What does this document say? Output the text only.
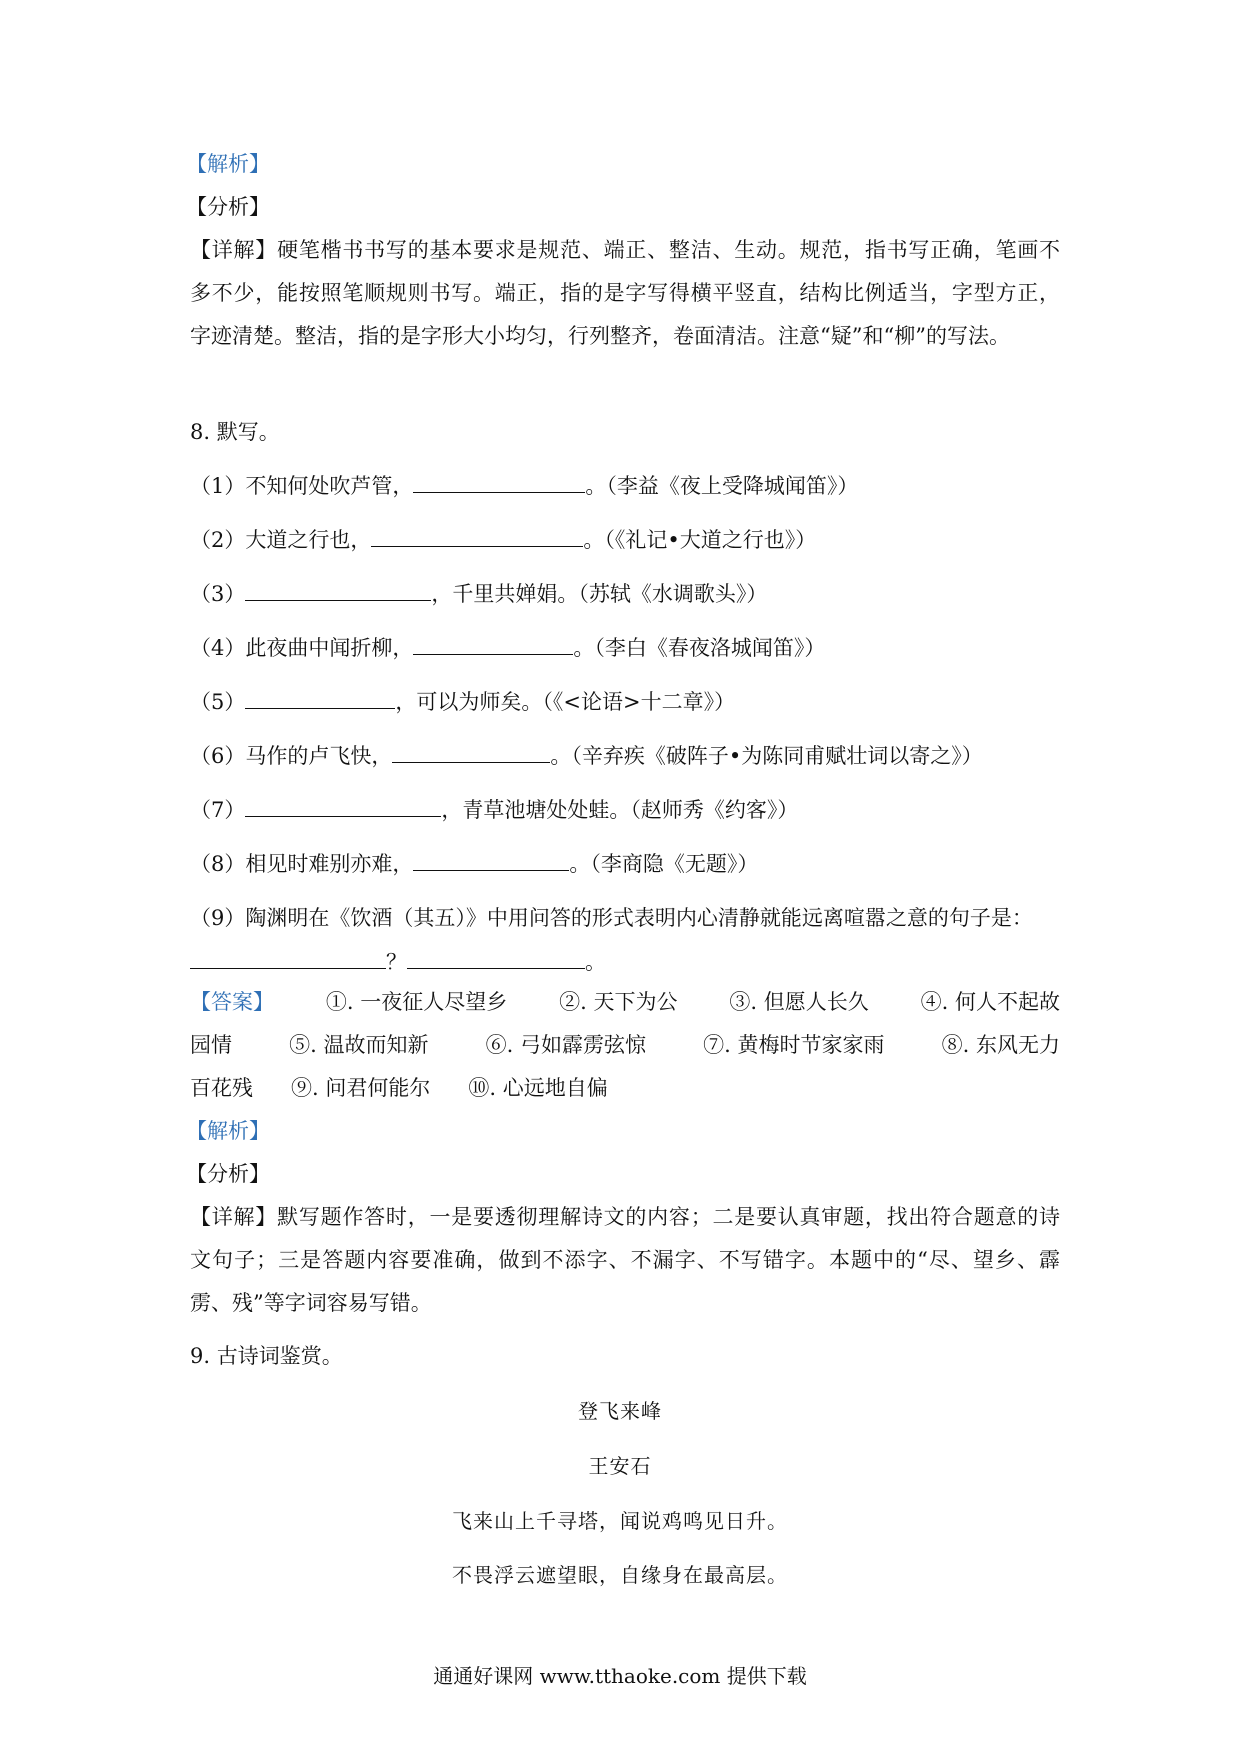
【解析】
【分析】
【详解】硬笔楷书书写的基本要求是规范、端正、整洁、生动。规范，指书写正确，笔画不
多不少，能按照笔顺规则书写。端正，指的是字写得横平竖直，结构比例适当，字型方正，
字迹清楚。整洁，指的是字形大小均匀，行列整齐，卷面清洁。注意“疑”和“柳”的写法。
8. 默写。
（1）不知何处吹芦管，	。（李益《夜上受降城闻笛》）
（2）大道之行也，	。（《礼记•大道之行也》）
（3）	，千里共婵娟。（苏轼《水调歌头》）
（4）此夜曲中闻折柳，	。（李白《春夜洛城闻笛》）
（5）	，可以为师矣。（《<论语>十二章》）
（6）马作的卢飞快，	。（辛弃疾《破阵子•为陈同甫赋壮词以寄之》）
（7）	，青草池塘处处蛙。（赵师秀《约客》）
（8）相见时难别亦难，	。（李商隐《无题》）
（9）陶渊明在《饮酒（其五）》中用问答的形式表明内心清静就能远离喧嚣之意的句子是：
？	。
【答案】 ①. 一夜征人尽望乡 ②. 天下为公 ③. 但愿人长久 ④. 何人不起故
园情	⑤. 温故而知新	⑥. 弓如霹雳弦惊	⑦. 黄梅时节家家雨	⑧. 东风无力
百花残 ⑨. 问君何能尔 ⑩. 心远地自偏
【解析】
【分析】
【详解】默写题作答时，一是要透彻理解诗文的内容；二是要认真审题，找出符合题意的诗
文句子；三是答题内容要准确，做到不添字、不漏字、不写错字。本题中的“尽、望乡、霹
雳、残”等字词容易写错。
9. 古诗词鉴赏。
登飞来峰
王安石
飞来山上千寻塔，闻说鸡鸣见日升。
不畏浮云遮望眼，自缘身在最高层。
通通好课网 www.tthaoke.com 提供下载
